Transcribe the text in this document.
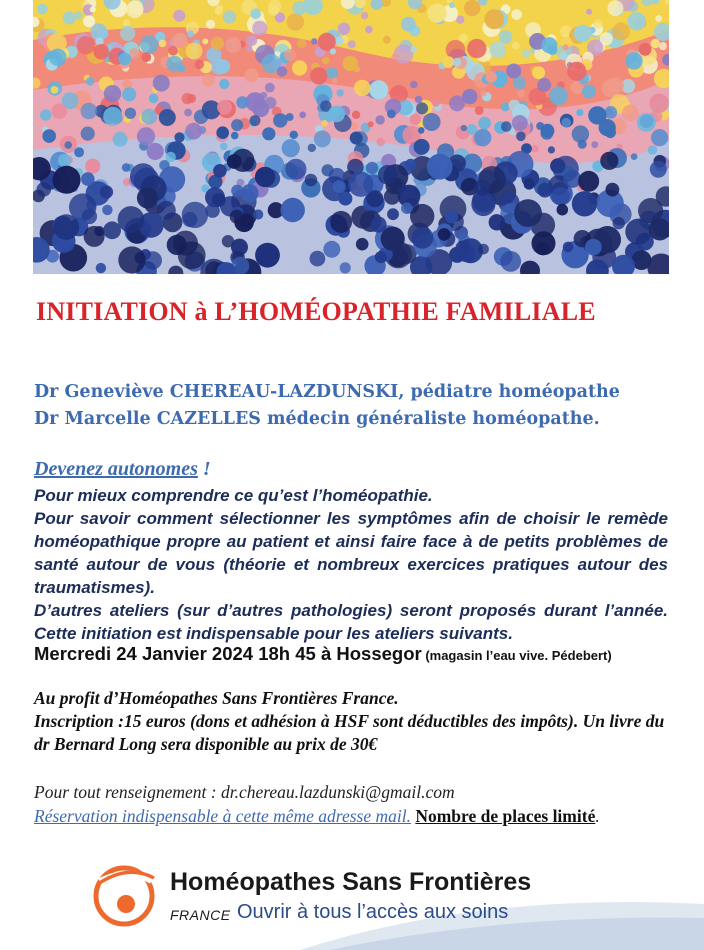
INITIATION à L’HOMÉOPATHIE FAMILIALE
Dr Geneviève CHEREAU-LAZDUNSKI, pédiatre homéopathe
Dr Marcelle CAZELLES médecin généraliste homéopathe.
Devenez autonomes !

Pour mieux comprendre ce qu’est l’homéopathie.

Pour savoir comment sélectionner les symptômes afin de choisir le remède homéopathique propre au patient et ainsi faire face à de petits problèmes de santé autour de vous (théorie et nombreux exercices pratiques autour des traumatismes).

D’autres ateliers (sur d’autres pathologies) seront proposés durant l’année. Cette initiation est indispensable pour les ateliers suivants.

Mercredi 24 Janvier 2024 18h 45 à Hossegor (magasin l’eau vive. Pédebert)

Au profit d’Homéopathes Sans Frontières France.

Inscription :15 euros (dons et adhésion à HSF sont déductibles des impôts). Un livre du dr Bernard Long sera disponible au prix de 30€

Pour tout renseignement : dr.chereau.lazdunski@gmail.com

Réservation indispensable à cette même adresse mail. Nombre de places limité.

Homéopathes Sans Frontières
FRANCE Ouvrir à tous l’accès aux soins
